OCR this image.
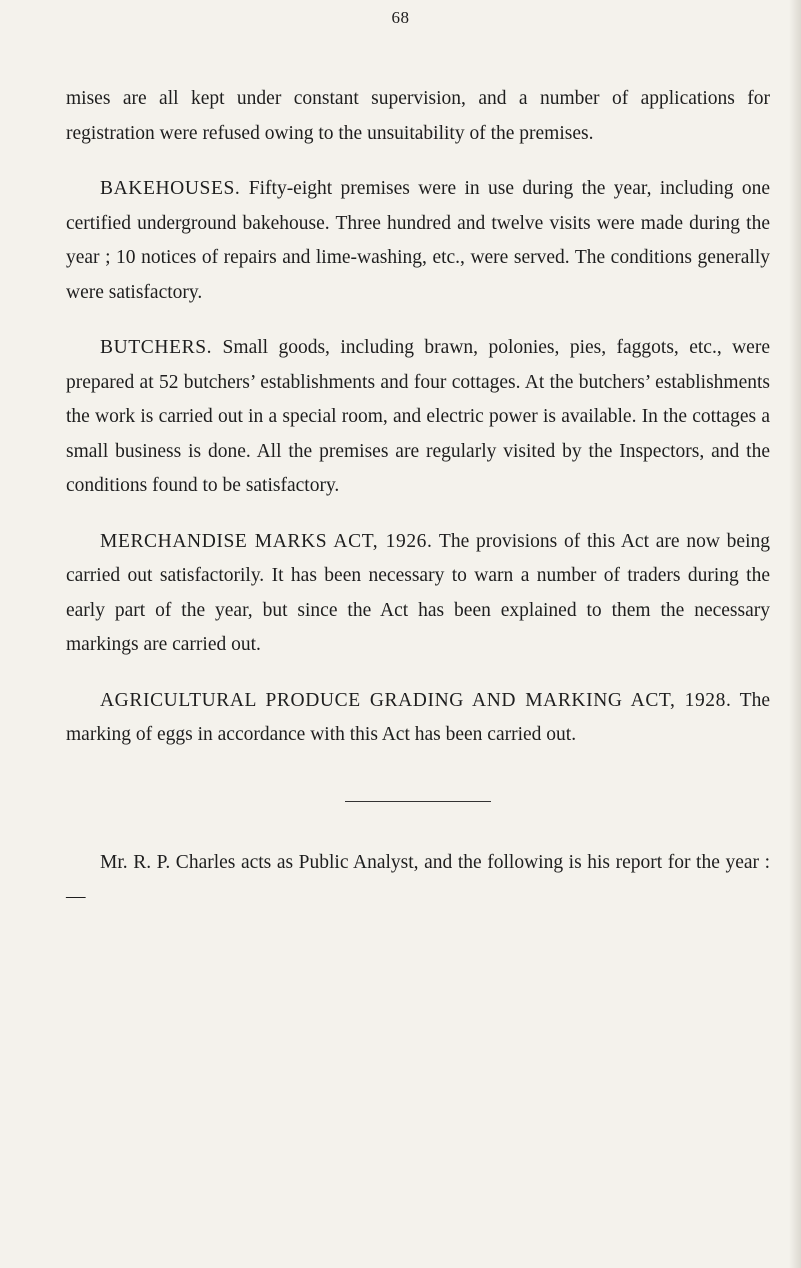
68

mises are all kept under constant supervision, and a number of applications for registration were refused owing to the unsuitability of the premises.

BAKEHOUSES. Fifty-eight premises were in use during the year, including one certified underground bakehouse. Three hundred and twelve visits were made during the year ; 10 notices of repairs and lime-washing, etc., were served. The conditions generally were satisfactory.

BUTCHERS. Small goods, including brawn, polonies, pies, faggots, etc., were prepared at 52 butchers’ establishments and four cottages. At the butchers’ establishments the work is carried out in a special room, and electric power is available. In the cottages a small business is done. All the premises are regularly visited by the Inspectors, and the conditions found to be satisfactory.

MERCHANDISE MARKS ACT, 1926. The provisions of this Act are now being carried out satisfactorily. It has been necessary to warn a number of traders during the early part of the year, but since the Act has been explained to them the necessary markings are carried out.

AGRICULTURAL PRODUCE GRADING AND MARKING ACT, 1928. The marking of eggs in accordance with this Act has been carried out.

Mr. R. P. Charles acts as Public Analyst, and the following is his report for the year :—
